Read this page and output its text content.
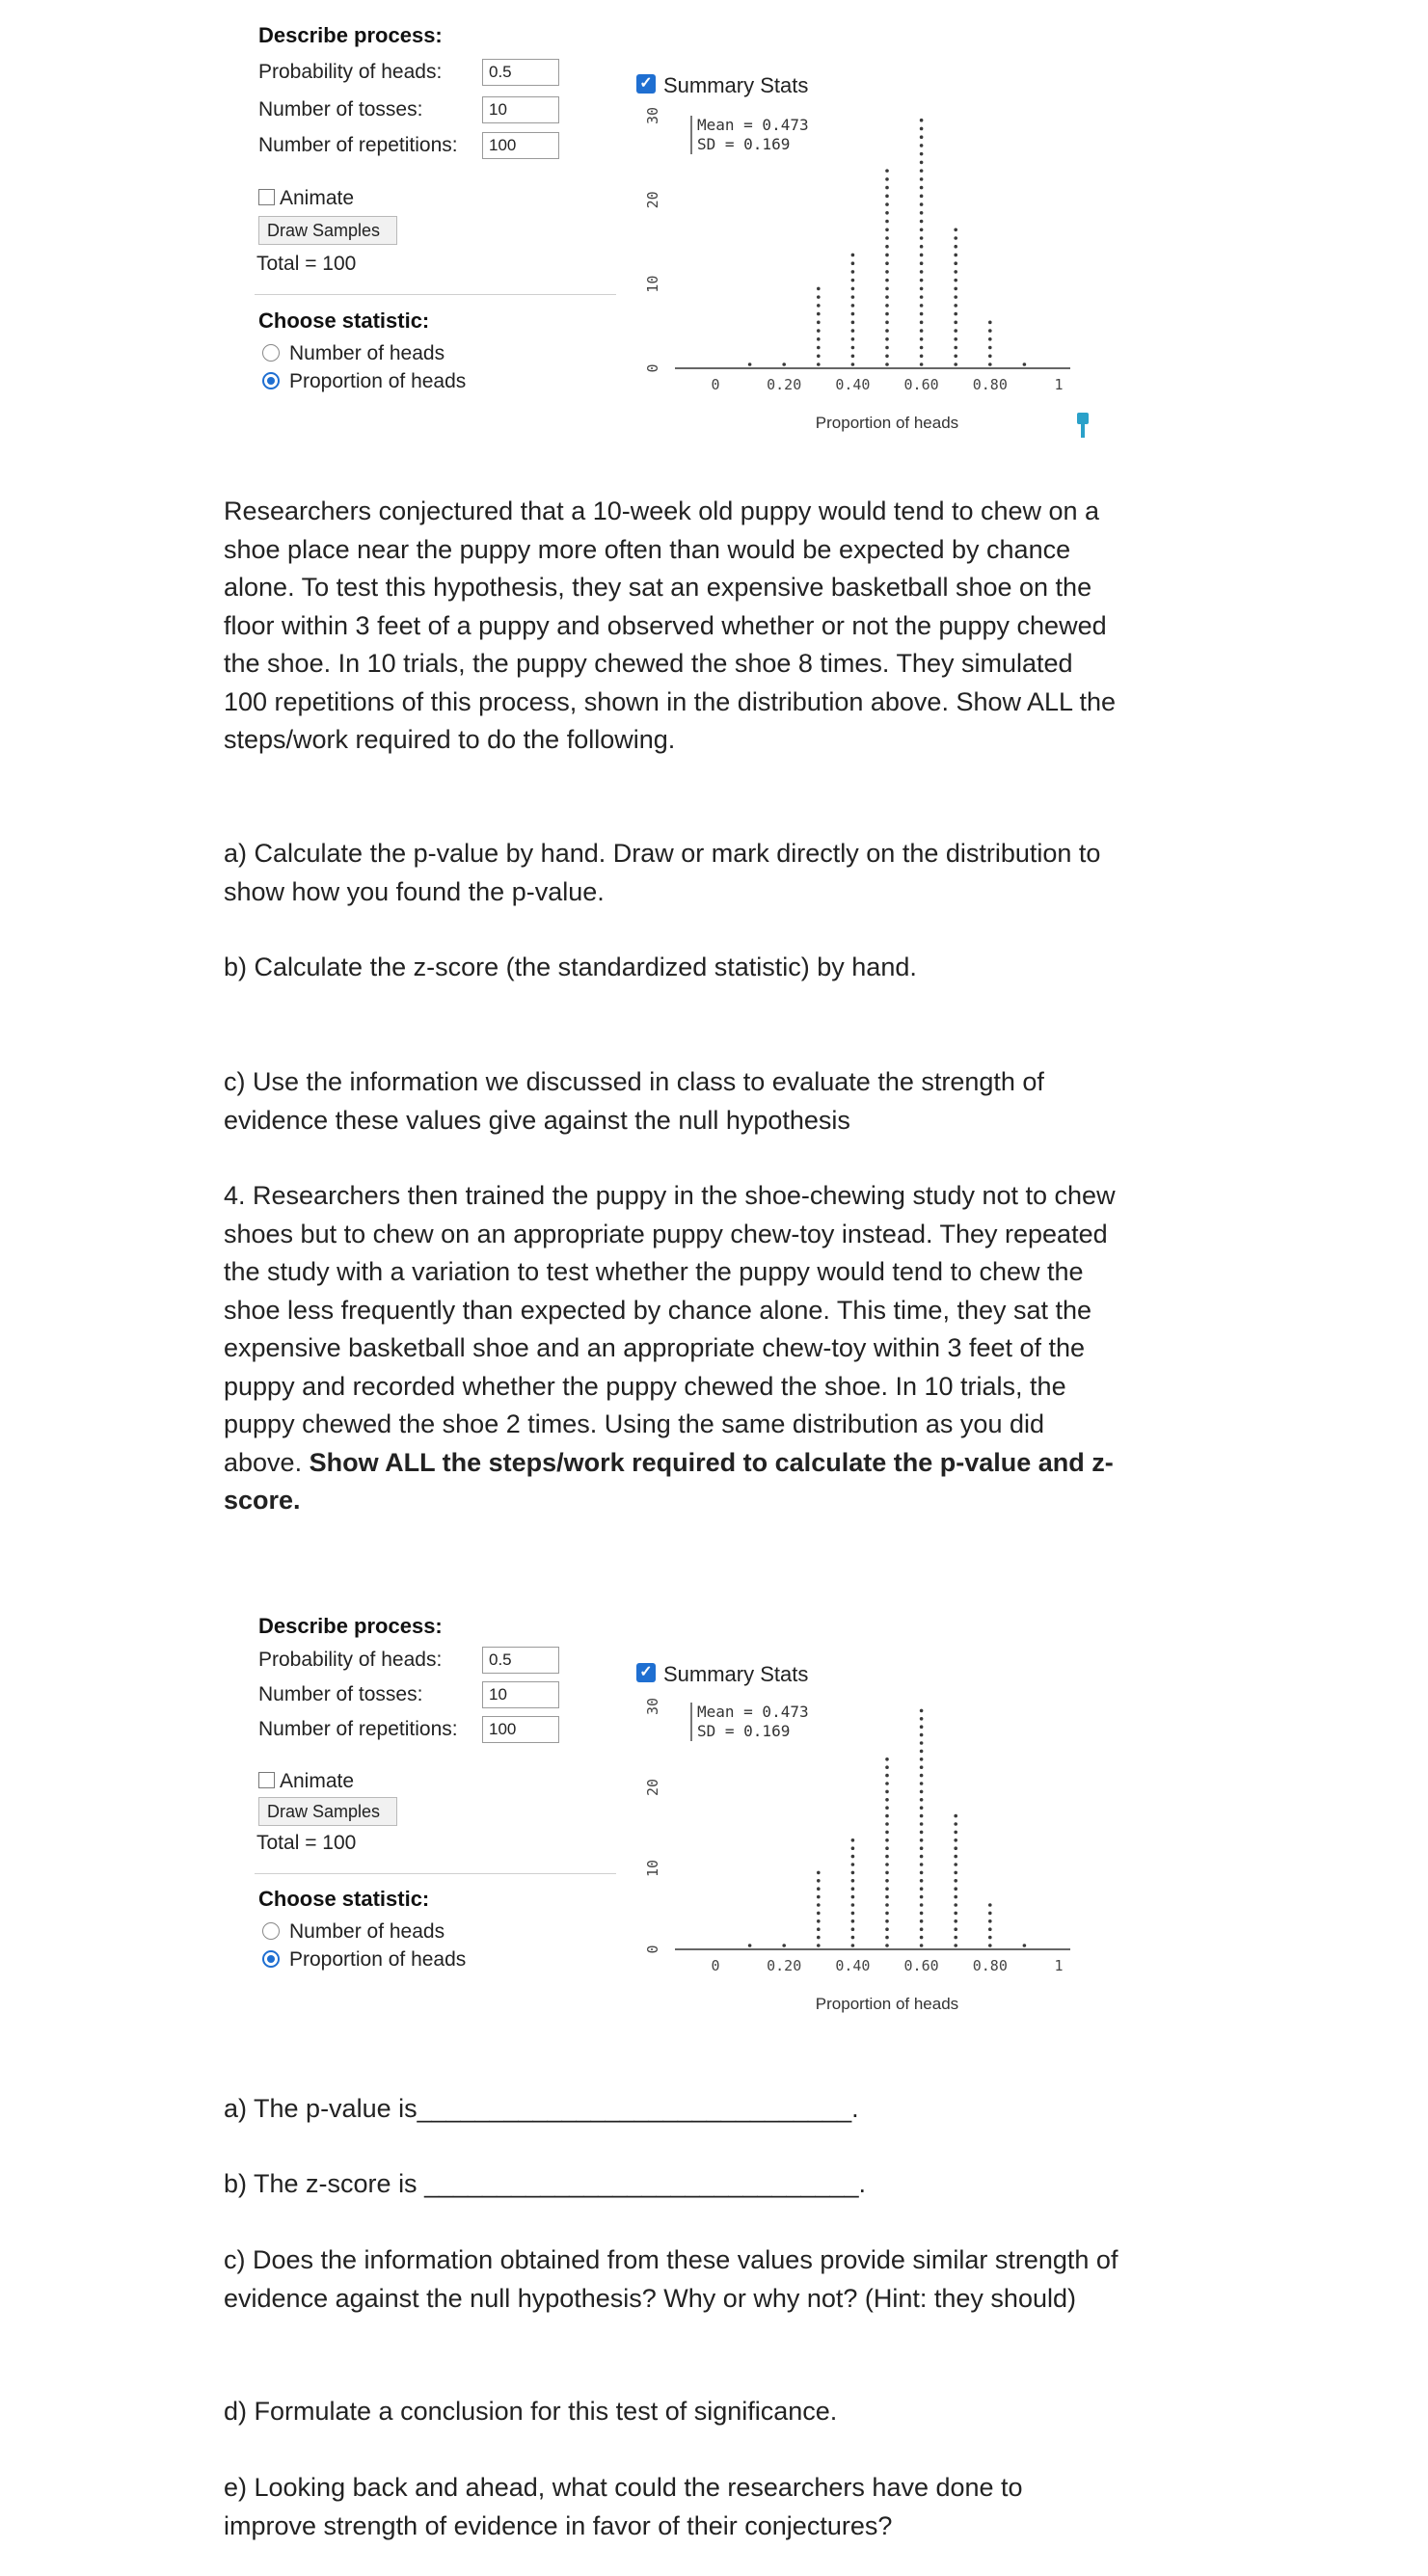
Describe process:
Probability of heads:
0.5
Number of tosses:
10
Number of repetitions:
100
Animate
Draw Samples
Total = 100
Choose statistic:
Number of heads
Proportion of heads
✓ Summary Stats
Mean = 0.473
SD = 0.169
30
20
10
0
0	0.20 0.40 0.60 0.80	1
Proportion of heads
Researchers conjectured that a 10-week old puppy would tend to chew on a shoe place near the puppy more often than would be expected by chance alone. To test this hypothesis, they sat an expensive basketball shoe on the floor within 3 feet of a puppy and observed whether or not the puppy chewed the shoe. In 10 trials, the puppy chewed the shoe 8 times. They simulated 100 repetitions of this process, shown in the distribution above. Show ALL the steps/work required to do the following.
a) Calculate the p-value by hand. Draw or mark directly on the distribution to show how you found the p-value.
b) Calculate the z-score (the standardized statistic) by hand.
c) Use the information we discussed in class to evaluate the strength of evidence these values give against the null hypothesis
4. Researchers then trained the puppy in the shoe-chewing study not to chew shoes but to chew on an appropriate puppy chew-toy instead. They repeated the study with a variation to test whether the puppy would tend to chew the shoe less frequently than expected by chance alone. This time, they sat the expensive basketball shoe and an appropriate chew-toy within 3 feet of the puppy and recorded whether the puppy chewed the shoe. In 10 trials, the puppy chewed the shoe 2 times. Using the same distribution as you did above. Show ALL the steps/work required to calculate the p-value and z-score.
Describe process:
Probability of heads:
0.5
Number of tosses:
10
Number of repetitions:
100
Animate
Draw Samples
Total = 100
Choose statistic:
Number of heads
Proportion of heads
✓ Summary Stats
Mean = 0.473
SD = 0.169
30
20
10
0
0	0.20 0.40 0.60 0.80	1
Proportion of heads
a) The p-value is______________________________.
b) The z-score is ______________________________.
c) Does the information obtained from these values provide similar strength of evidence against the null hypothesis? Why or why not? (Hint: they should)
d) Formulate a conclusion for this test of significance.
e) Looking back and ahead, what could the researchers have done to improve strength of evidence in favor of their conjectures?
